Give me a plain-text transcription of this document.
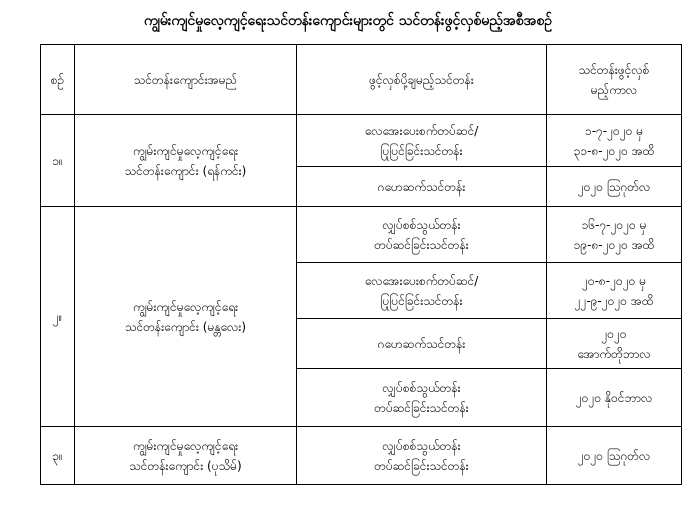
ကျွမ်းကျင်မှုလေ့ကျင့်ရေးသင်တန်းကျောင်းများတွင် သင်တန်းဖွင့်လှစ်မည့်အစီအစဉ်
စဉ်	သင်တန်းကျောင်းအမည်	ဖွင့်လှစ်ပို့ချမည့်သင်တန်း	သင်တန်းဖွင့်လှစ်
မည့်ကာလ

၁။	ကျွမ်းကျင်မှုလေ့ကျင့်ရေး
သင်တန်းကျောင်း (ရန်ကင်း)	လေအေးပေးစက်တပ်ဆင်/
ပြုပြင်ခြင်းသင်တန်း	၁-၇-၂၀၂၀ မှ
၃၁-၈-၂၀၂၀ အထိ

		ဂဟေဆက်သင်တန်း	၂၀၂၀ ဩဂုတ်လ

၂။	ကျွမ်းကျင်မှုလေ့ကျင့်ရေး
သင်တန်းကျောင်း (မန္တလေး)	လျှပ်စစ်သွယ်တန်း
တပ်ဆင်ခြင်းသင်တန်း	၁၆-၇-၂၀၂၀ မှ
၁၉-၈-၂၀၂၀ အထိ

		လေအေးပေးစက်တပ်ဆင်/
ပြုပြင်ခြင်းသင်တန်း	၂၀-၈-၂၀၂၀ မှ
၂၂-၉-၂၀၂၀ အထိ

		ဂဟေဆက်သင်တန်း	၂၀၂၀
အောက်တိုဘာလ

		လျှပ်စစ်သွယ်တန်း
တပ်ဆင်ခြင်းသင်တန်း	၂၀၂၀ နိုဝင်ဘာလ

၃။	ကျွမ်းကျင်မှုလေ့ကျင့်ရေး
သင်တန်းကျောင်း (ပုသိမ်)	လျှပ်စစ်သွယ်တန်း
တပ်ဆင်ခြင်းသင်တန်း	၂၀၂၀ ဩဂုတ်လ
